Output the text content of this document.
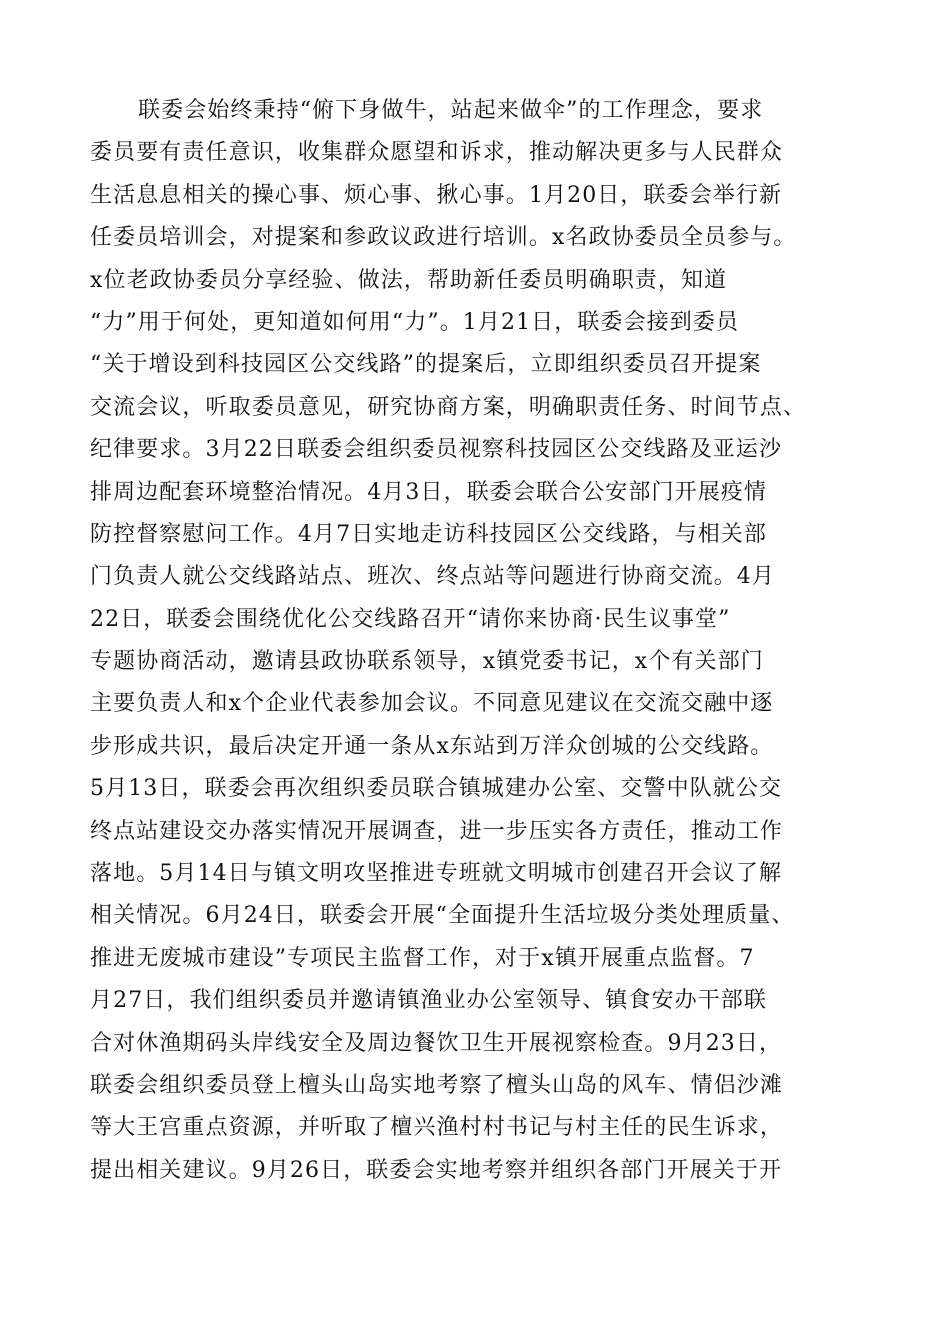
联委会始终秉持“俯下身做牛，站起来做伞”的工作理念，要求
委员要有责任意识，收集群众愿望和诉求，推动解决更多与人民群众
生活息息相关的操心事、烦心事、揪心事。1月20日，联委会举行新
任委员培训会，对提案和参政议政进行培训。x名政协委员全员参与。
x位老政协委员分享经验、做法，帮助新任委员明确职责，知道
“力”用于何处，更知道如何用“力”。1月21日，联委会接到委员
“关于增设到科技园区公交线路”的提案后，立即组织委员召开提案
交流会议，听取委员意见，研究协商方案，明确职责任务、时间节点、
纪律要求。3月22日联委会组织委员视察科技园区公交线路及亚运沙
排周边配套环境整治情况。4月3日，联委会联合公安部门开展疫情
防控督察慰问工作。4月7日实地走访科技园区公交线路，与相关部
门负责人就公交线路站点、班次、终点站等问题进行协商交流。4月
22日，联委会围绕优化公交线路召开“请你来协商·民生议事堂”
专题协商活动，邀请县政协联系领导，x镇党委书记，x个有关部门
主要负责人和x个企业代表参加会议。不同意见建议在交流交融中逐
步形成共识，最后决定开通一条从x东站到万洋众创城的公交线路。
5月13日，联委会再次组织委员联合镇城建办公室、交警中队就公交
终点站建设交办落实情况开展调查，进一步压实各方责任，推动工作
落地。5月14日与镇文明攻坚推进专班就文明城市创建召开会议了解
相关情况。6月24日，联委会开展“全面提升生活垃圾分类处理质量、
推进无废城市建设”专项民主监督工作，对于x镇开展重点监督。7
月27日，我们组织委员并邀请镇渔业办公室领导、镇食安办干部联
合对休渔期码头岸线安全及周边餐饮卫生开展视察检查。9月23日，
联委会组织委员登上檀头山岛实地考察了檀头山岛的风车、情侣沙滩
等大王宫重点资源，并听取了檀兴渔村村书记与村主任的民生诉求，
提出相关建议。9月26日，联委会实地考察并组织各部门开展关于开
